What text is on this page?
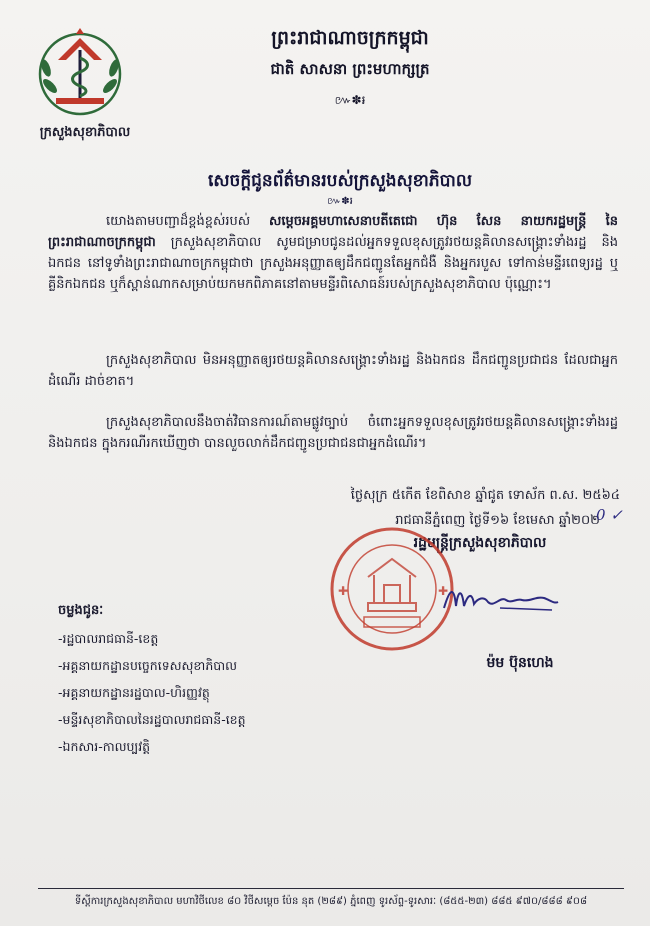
ក្រសួងសុខាភិបាល
ព្រះរាជាណាចក្រកម្ពុជា
ជាតិ សាសនា ព្រះមហាក្សត្រ
៚✽៛
សេចក្តីជូនព័ត៌មានរបស់ក្រសួងសុខាភិបាល
៚✽៛
យោងតាមបញ្ជាដ៏ខ្ពង់ខ្ពស់របស់ សម្តេចអគ្គមហាសេនាបតីតេជោ ហ៊ុន សែន នាយករដ្ឋមន្ត្រី នៃព្រះរាជាណាចក្រកម្ពុជា ក្រសួងសុខាភិបាល សូមជម្រាបជូនដល់អ្នកទទួលខុសត្រូវរថយន្តគិលានសង្គ្រោះទាំងរដ្ឋ និងឯកជន នៅទូទាំងព្រះរាជាណាចក្រកម្ពុជាថា ក្រសួងអនុញ្ញាតឲ្យដឹកជញ្ជូនតែអ្នកជំងឺ និងអ្នករបួស ទៅកាន់មន្ទីរពេទ្យរដ្ឋ ឬគ្លីនិកឯកជន ឬក៏ស្ពាន់ណាកសម្រាប់យកមកពិភាគនៅតាមមន្ទីរពិសោធន៍របស់ក្រសួងសុខាភិបាល ប៉ុណ្ណោះ។
ក្រសួងសុខាភិបាល មិនអនុញ្ញាតឲ្យរថយន្តគិលានសង្គ្រោះទាំងរដ្ឋ និងឯកជន ដឹកជញ្ជូនប្រជាជន ដែលជាអ្នកដំណើរ ដាច់ខាត។
ក្រសួងសុខាភិបាលនឹងចាត់វិធានការណ៍តាមផ្លូវច្បាប់ ចំពោះអ្នកទទួលខុសត្រូវរថយន្តគិលានសង្គ្រោះទាំងរដ្ឋ និងឯកជន ក្នុងករណីរកឃើញថា បានលួចលាក់ដឹកជញ្ជូនប្រជាជនជាអ្នកដំណើរ។
ថ្ងៃសុក្រ ៥កើត ខែពិសាខ ឆ្នាំជូត ទោស័ក ព.ស. ២៥៦៤
រាជធានីភ្នំពេញ ថ្ងៃទី១៦ ខែមេសា ឆ្នាំ២០២
0 ✓
រដ្ឋមន្ត្រីក្រសួងសុខាភិបាល
✚	✚
ម៉ម ប៊ុនហេង
ចម្លងជូនៈ
-រដ្ឋបាលរាជធានី-ខេត្ត
-អគ្គនាយកដ្ឋានបច្ចេកទេសសុខាភិបាល
-អគ្គនាយកដ្ឋានរដ្ឋបាល-ហិរញ្ញវត្ថុ
-មន្ទីរសុខាភិបាលនៃរដ្ឋបាលរាជធានី-ខេត្ត
-ឯកសារ-កាលប្បវត្តិ
ទីស្តីការក្រសួងសុខាភិបាល មហាវិថីលេខ ៨០ វិថីសម្តេច ប៉ែន នុត (២៨៩) ភ្នំពេញ ទូរស័ព្ទ-ទូរសារៈ (៨៥៥-២៣) ៨៨៥ ៩៧០/៨៨៨ ៩០៨
